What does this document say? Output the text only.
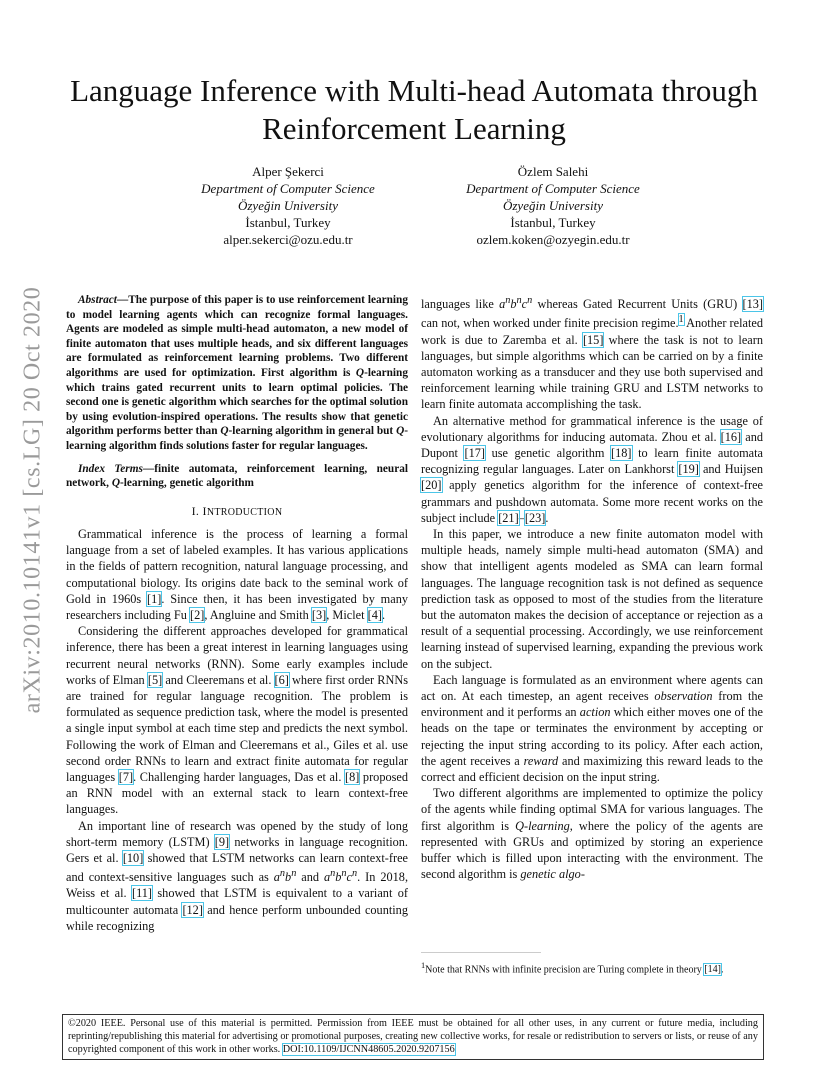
Language Inference with Multi-head Automata through Reinforcement Learning
Alper Şekerci
Department of Computer Science
Özyeğin University
İstanbul, Turkey
alper.sekerci@ozu.edu.tr
Özlem Salehi
Department of Computer Science
Özyeğin University
İstanbul, Turkey
ozlem.koken@ozyegin.edu.tr
arXiv:2010.10141v1 [cs.LG] 20 Oct 2020	Abstract—The purpose of this paper is to use reinforcement learning to model learning agents which can recognize formal languages. Agents are modeled as simple multi-head automaton, a new model of finite automaton that uses multiple heads, and six different languages are formulated as reinforcement learning problems. Two different algorithms are used for optimization. First algorithm is Q-learning which trains gated recurrent units to learn optimal policies. The second one is genetic algorithm which searches for the optimal solution by using evolution-inspired operations. The results show that genetic algorithm performs better than Q-learning algorithm in general but Q-learning algorithm finds solutions faster for regular languages.

Index Terms—finite automata, reinforcement learning, neural network, Q-learning, genetic algorithm

I. INTRODUCTION

Grammatical inference is the process of learning a formal language from a set of labeled examples. It has various applications in the fields of pattern recognition, natural language processing, and computational biology. Its origins date back to the seminal work of Gold in 1960s [1]. Since then, it has been investigated by many researchers including Fu [2], Angluine and Smith [3], Miclet [4].

Considering the different approaches developed for grammatical inference, there has been a great interest in learning languages using recurrent neural networks (RNN). Some early examples include works of Elman [5] and Cleeremans et al. [6] where first order RNNs are trained for regular language recognition. The problem is formulated as sequence prediction task, where the model is presented a single input symbol at each time step and predicts the next symbol. Following the work of Elman and Cleeremans et al., Giles et al. use second order RNNs to learn and extract finite automata for regular languages [7]. Challenging harder languages, Das et al. [8] proposed an RNN model with an external stack to learn context-free languages.

An important line of research was opened by the study of long short-term memory (LSTM) [9] networks in language recognition. Gers et al. [10] showed that LSTM networks can learn context-free and context-sensitive languages such as $a^nb^n$ and $a^nb^nc^n$. In 2018, Weiss et al. [11] showed that LSTM is equivalent to a variant of multicounter automata [12] and hence perform unbounded counting while recognizing

languages like $a^nb^nc^n$ whereas Gated Recurrent Units (GRU) [13] can not, when worked under finite precision regime.$^1$ Another related work is due to Zaremba et al. [15] where the task is not to learn languages, but simple algorithms which can be carried on by a finite automaton working as a transducer and they use both supervised and reinforcement learning while training GRU and LSTM networks to learn finite automata accomplishing the task.

An alternative method for grammatical inference is the usage of evolutionary algorithms for inducing automata. Zhou et al. [16] and Dupont [17] use genetic algorithm [18] to learn finite automata recognizing regular languages. Later on Lankhorst [19] and Huijsen [20] apply genetics algorithm for the inference of context-free grammars and pushdown automata. Some more recent works on the subject include [21]–[23].

In this paper, we introduce a new finite automaton model with multiple heads, namely simple multi-head automaton (SMA) and show that intelligent agents modeled as SMA can learn formal languages. The language recognition task is not defined as sequence prediction task as opposed to most of the studies from the literature but the automaton makes the decision of acceptance or rejection as a result of a sequential processing. Accordingly, we use reinforcement learning instead of supervised learning, expanding the previous work on the subject.

Each language is formulated as an environment where agents can act on. At each timestep, an agent receives observation from the environment and it performs an action which either moves one of the heads on the tape or terminates the environment by accepting or rejecting the input string according to its policy. After each action, the agent receives a reward and maximizing this reward leads to the correct and efficient decision on the input string.

Two different algorithms are implemented to optimize the policy of the agents while finding optimal SMA for various languages. The first algorithm is Q-learning, where the policy of the agents are represented with GRUs and optimized by storing an experience buffer which is filled upon interacting with the environment. The second algorithm is genetic algo-

$^1$Note that RNNs with infinite precision are Turing complete in theory [14].
©2020 IEEE. Personal use of this material is permitted. Permission from IEEE must be obtained for all other uses, in any current or future media, including reprinting/republishing this material for advertising or promotional purposes, creating new collective works, for resale or redistribution to servers or lists, or reuse of any copyrighted component of this work in other works. DOI:10.1109/IJCNN48605.2020.9207156
